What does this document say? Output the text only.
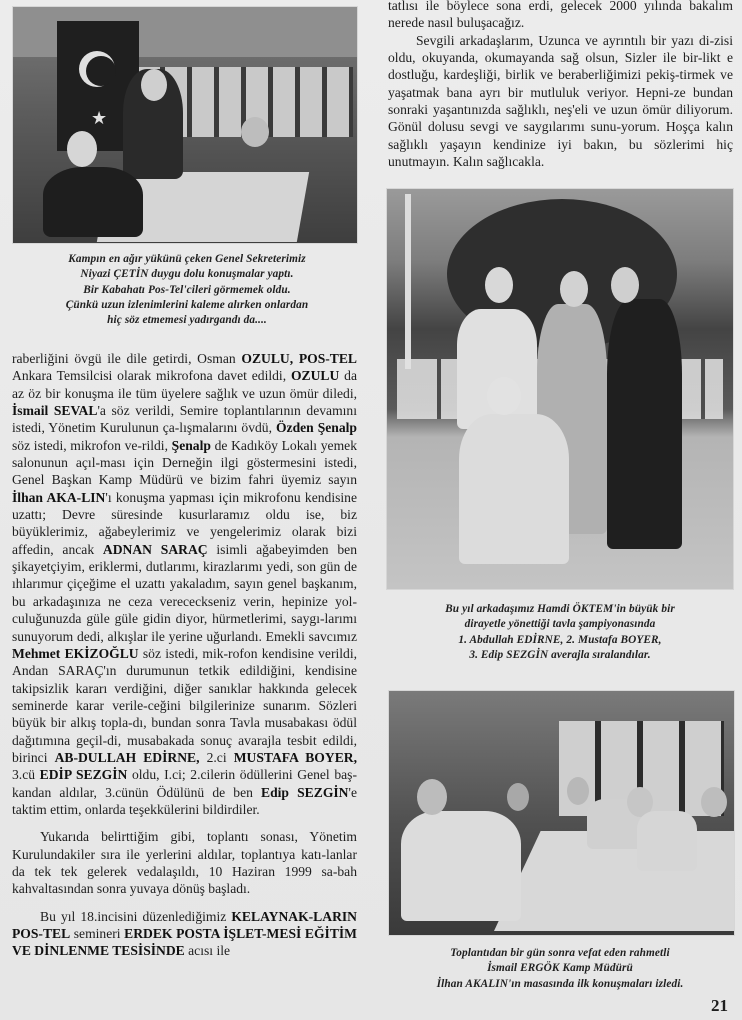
★
Kampın en ağır yükünü çeken Genel Sekreterimiz
Niyazi ÇETİN duygu dolu konuşmalar yaptı.
Bir Kabahatı Pos-Tel'cileri görmemek oldu.
Çünkü uzun izlenimlerini kaleme alırken onlardan
hiç söz etmemesi yadırgandı da....

raberliğini övgü ile dile getirdi, Osman OZULU, POS-TEL Ankara Temsilcisi olarak mikrofona davet edildi, OZULU da az öz bir konuşma ile tüm üyelere sağlık ve uzun ömür diledi, İsmail SEVAL'a söz verildi, Semire toplantılarının devamını istedi, Yönetim Kurulunun ça-lışmalarını övdü, Özden Şenalp söz istedi, mikrofon ve-rildi, Şenalp de Kadıköy Lokalı yemek salonunun açıl-ması için Derneğin ilgi göstermesini istedi, Genel Başkan Kamp Müdürü ve bizim fahri üyemiz sayın İlhan AKA-LIN'ı konuşma yapması için mikrofonu kendisine uzattı; Devre süresinde kusurlaramız oldu ise, biz büyüklerimiz, ağabeylerimiz ve yengelerimiz olarak bizi affedin, ancak ADNAN SARAÇ isimli ağabeyimden ben şikayetçiyim, eriklermi, dutlarımı, kirazlarımı yedi, son gün de ıhlarımur çiçeğime el uzattı yakaladım, sayın genel başkanım, bu arkadaşınıza ne ceza verececkseniz verin, hepinize yol-culuğunuzda güle güle gidin diyor, hürmetlerimi, saygı-larımı sunuyorum dedi, alkışlar ile yerine uğurlandı. Emekli savcımız Mehmet EKİZOĞLU söz istedi, mik-rofon kendisine verildi, Andan SARAÇ'ın durumunun tetkik edildiğini, kendisine takipsizlik kararı verdiğini, diğer sanıklar hakkında gelecek seminerde karar verile-ceğini bilgilerinize sunarım. Sözleri büyük bir alkış topla-dı, bundan sonra Tavla musabakası ödül dağıtımına geçil-di, musabakada sonuç avarajla tesbit edildi, birinci AB-DULLAH EDİRNE, 2.ci MUSTAFA BOYER, 3.cü EDİP SEZGİN oldu, I.ci; 2.cilerin ödüllerini Genel baş-kandan aldılar, 3.cünün Ödülünü de ben Edip SEZGİN'e taktim ettim, onlarda teşekkülerini bildirdiler.

Yukarıda belirttiğim gibi, toplantı sonası, Yönetim Kurulundakiler sıra ile yerlerini aldılar, toplantıya katı-lanlar da tek tek gelerek vedalaşıldı, 10 Haziran 1999 sa-bah kahvaltasından sonra yuvaya dönüş başladı.

Bu yıl 18.incisini düzenlediğimiz KELAYNAK-LARIN POS-TEL semineri ERDEK POSTA İŞLET-MESİ EĞİTİM VE DİNLENME TESİSİNDE acısı ile

tatlısı ile böylece sona erdi, gelecek 2000 yılında bakalım nerede nasıl buluşacağız.

Sevgili arkadaşlarım, Uzunca ve ayrıntılı bir yazı di-zisi oldu, okuyanda, okumayanda sağ olsun, Sizler ile bir-likt e dostluğu, kardeşliği, birlik ve beraberliğimizi pekiş-tirmek ve yaşatmak bana ayrı bir mutluluk veriyor. Hepni-ze bundan sonraki yaşantınızda sağlıklı, neş'eli ve uzun ömür diliyorum. Gönül dolusu sevgi ve saygılarımı sunu-yorum. Hoşça kalın sağlıklı yaşayın kendinize iyi bakın, bu sözlerimi hiç unutmayın. Kalın sağlıcakla.

Bu yıl arkadaşımız Hamdi ÖKTEM'in büyük bir
dirayetle yönettiği tavla şampiyonasında
1. Abdullah EDİRNE, 2. Mustafa BOYER,
3. Edip SEZGİN averajla sıralandılar.
Toplantıdan bir gün sonra vefat eden rahmetli
İsmail ERGÖK Kamp Müdürü
İlhan AKALIN'ın masasında ilk konuşmaları izledi.
21
